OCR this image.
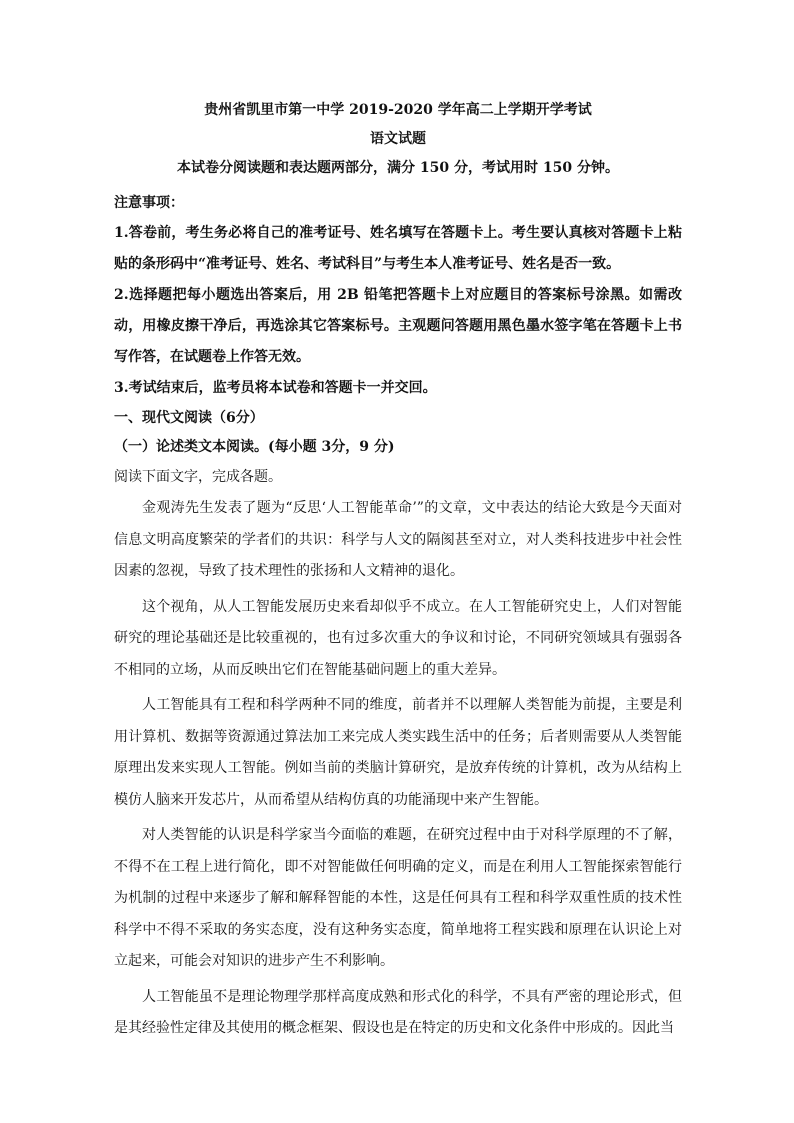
贵州省凯里市第一中学 2019-2020 学年高二上学期开学考试
语文试题
本试卷分阅读题和表达题两部分，满分 150 分，考试用时 150 分钟。

注意事项：

1.答卷前，考生务必将自己的准考证号、姓名填写在答题卡上。考生要认真核对答题卡上粘贴的条形码中“准考证号、姓名、考试科目”与考生本人准考证号、姓名是否一致。

2.选择题把每小题选出答案后，用 2B 铅笔把答题卡上对应题目的答案标号涂黑。如需改动，用橡皮擦干净后，再选涂其它答案标号。主观题问答题用黑色墨水签字笔在答题卡上书写作答，在试题卷上作答无效。

3.考试结束后，监考员将本试卷和答题卡一并交回。

一、现代文阅读（6分）

（一）论述类文本阅读。(每小题 3分，9 分)

阅读下面文字，完成各题。

金观涛先生发表了题为“反思‘人工智能革命’”的文章，文中表达的结论大致是今天面对信息文明高度繁荣的学者们的共识：科学与人文的隔阂甚至对立，对人类科技进步中社会性因素的忽视，导致了技术理性的张扬和人文精神的退化。

这个视角，从人工智能发展历史来看却似乎不成立。在人工智能研究史上，人们对智能研究的理论基础还是比较重视的，也有过多次重大的争议和讨论，不同研究领域具有强弱各不相同的立场，从而反映出它们在智能基础问题上的重大差异。

人工智能具有工程和科学两种不同的维度，前者并不以理解人类智能为前提，主要是利用计算机、数据等资源通过算法加工来完成人类实践生活中的任务；后者则需要从人类智能原理出发来实现人工智能。例如当前的类脑计算研究，是放弃传统的计算机，改为从结构上模仿人脑来开发芯片，从而希望从结构仿真的功能涌现中来产生智能。

对人类智能的认识是科学家当今面临的难题，在研究过程中由于对科学原理的不了解，不得不在工程上进行简化，即不对智能做任何明确的定义，而是在利用人工智能探索智能行为机制的过程中来逐步了解和解释智能的本性，这是任何具有工程和科学双重性质的技术性科学中不得不采取的务实态度，没有这种务实态度，简单地将工程实践和原理在认识论上对立起来，可能会对知识的进步产生不利影响。

人工智能虽不是理论物理学那样高度成熟和形式化的科学，不具有严密的理论形式，但是其经验性定律及其使用的概念框架、假设也是在特定的历史和文化条件中形成的。因此当
